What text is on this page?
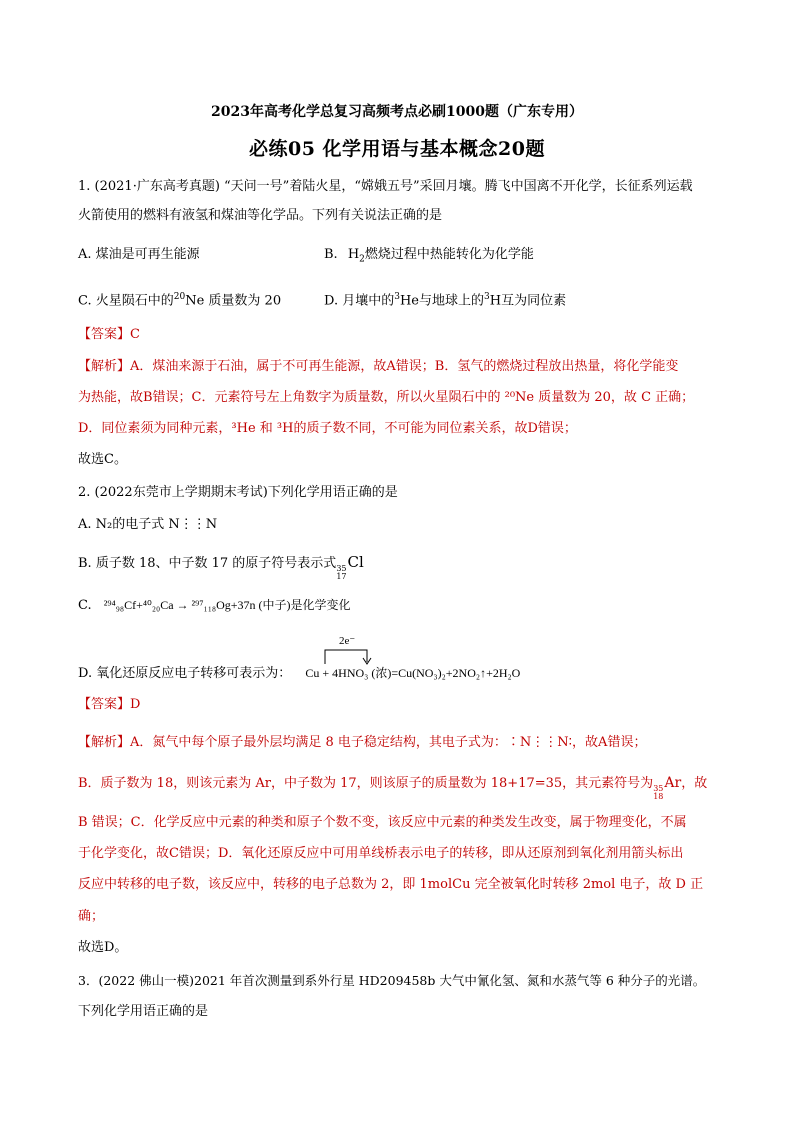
2023年高考化学总复习高频考点必刷1000题（广东专用）
必练05 化学用语与基本概念20题
1. (2021·广东高考真题) “天问一号”着陆火星，“嫦娥五号”采回月壤。腾飞中国离不开化学，长征系列运载
火箭使用的燃料有液氢和煤油等化学品。下列有关说法正确的是
A. 煤油是可再生能源	B. $H_2$燃烧过程中热能转化为化学能
C. 火星陨石中的$^{20}$Ne 质量数为 20	D. 月壤中的$^3$He与地球上的$^3$H互为同位素
【答案】C
【解析】A．煤油来源于石油，属于不可再生能源，故A错误；B．氢气的燃烧过程放出热量，将化学能变
为热能，故B错误；C．元素符号左上角数字为质量数，所以火星陨石中的 ²⁰Ne 质量数为 20，故 C 正确；
D．同位素须为同种元素，³He 和 ³H的质子数不同，不可能为同位素关系，故D错误；
故选C。
2. (2022东莞市上学期期末考试)下列化学用语正确的是
A. N₂的电子式 N⋮⋮N
B. 质子数 18、中子数 17 的原子符号表示式 35
17
Cl
C. ²⁹⁴₉₈Cf+⁴⁰₂₀Ca → ²⁹⁷₁₁₈Og+37n (中子)是化学变化
D. 氧化还原反应电子转移可表示为： Cu + 4HNO₃ (浓)=Cu(NO₃)₂+2NO₂↑+2H₂O
2e⁻
【答案】D
【解析】A．氮气中每个原子最外层均满足 8 电子稳定结构，其电子式为：∶N⋮⋮N∶，故A错误；
B．质子数为 18，则该元素为 Ar，中子数为 17，则该原子的质量数为 18+17=35，其元素符号为 35
18
Ar，故
B 错误；C．化学反应中元素的种类和原子个数不变，该反应中元素的种类发生改变，属于物理变化，不属
于化学变化，故C错误；D．氧化还原反应中可用单线桥表示电子的转移，即从还原剂到氧化剂用箭头标出
反应中转移的电子数，该反应中，转移的电子总数为 2，即 1molCu 完全被氧化时转移 2mol 电子，故 D 正
确；
故选D。
3．(2022 佛山一模)2021 年首次测量到系外行星 HD209458b 大气中氰化氢、氮和水蒸气等 6 种分子的光谱。
下列化学用语正确的是
